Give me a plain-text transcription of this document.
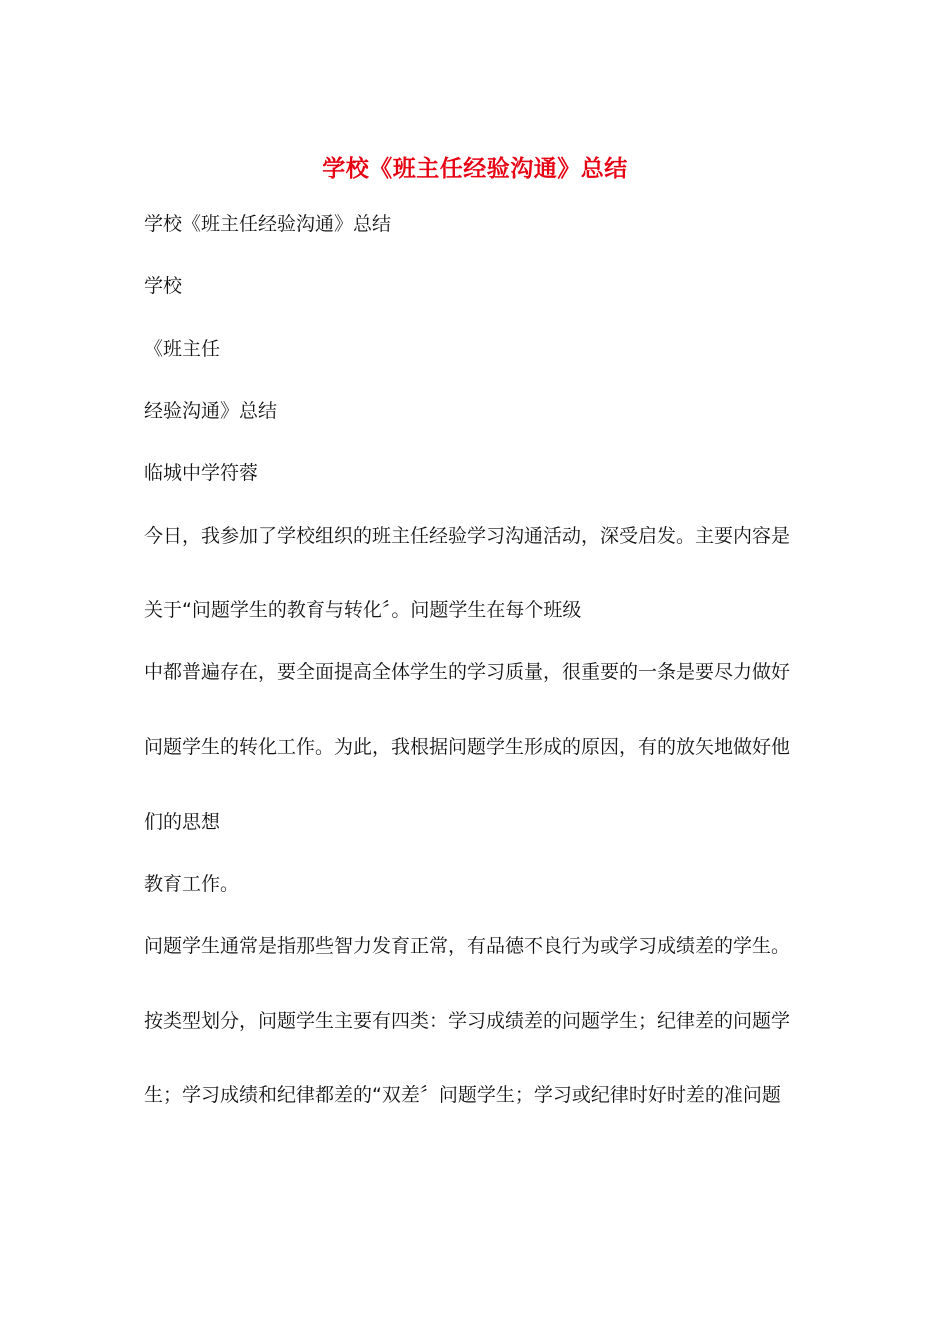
学校《班主任经验沟通》总结

学校《班主任经验沟通》总结

学校

《班主任

经验沟通》总结

临城中学符蓉

今日，我参加了学校组织的班主任经验学习沟通活动，深受启发。主要内容是

关于“问题学生的教育与转化〞。问题学生在每个班级

中都普遍存在，要全面提高全体学生的学习质量，很重要的一条是要尽力做好

问题学生的转化工作。为此，我根据问题学生形成的原因，有的放矢地做好他

们的思想

教育工作。

问题学生通常是指那些智力发育正常，有品德不良行为或学习成绩差的学生。

按类型划分，问题学生主要有四类：学习成绩差的问题学生；纪律差的问题学

生；学习成绩和纪律都差的“双差〞问题学生；学习或纪律时好时差的准问题
